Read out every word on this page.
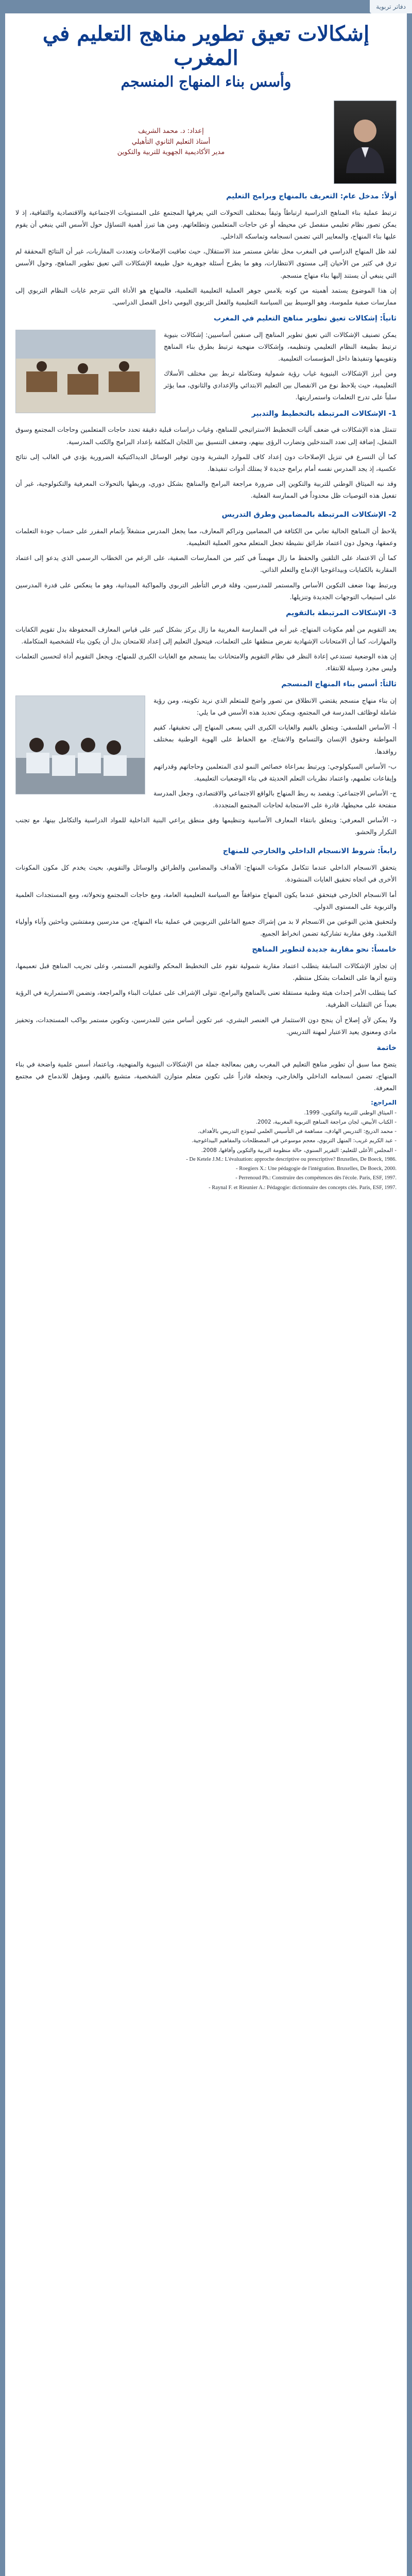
دفاتر تربوية
إشكالات تعيق تطوير مناهج التعليم في المغرب
وأسس بناء المنهاج المنسجم
إعداد: د. محمد الشريف
أستاذ التعليم الثانوي التأهيلي
مدير الأكاديمية الجهوية للتربية والتكوين
أولاً: مدخل عام: التعريف بالمنهاج وبرامج التعليم

ترتبط عملية بناء المناهج الدراسية ارتباطاً وثيقاً بمختلف التحولات التي يعرفها المجتمع على المستويات الاجتماعية والاقتصادية والثقافية، إذ لا يمكن تصور نظام تعليمي منفصل عن محيطه أو عن حاجات المتعلمين وتطلعاتهم. ومن هنا تبرز أهمية التساؤل حول الأسس التي ينبغي أن يقوم عليها بناء المنهاج، والمعايير التي تضمن انسجامه وتماسكه الداخلي.

لقد ظل المنهاج الدراسي في المغرب محل نقاش مستمر منذ الاستقلال، حيث تعاقبت الإصلاحات وتعددت المقاربات، غير أن النتائج المحققة لم ترق في كثير من الأحيان إلى مستوى الانتظارات، وهو ما يطرح أسئلة جوهرية حول طبيعة الإشكالات التي تعيق تطوير المناهج، وحول الأسس التي ينبغي أن يستند إليها بناء منهاج منسجم.

إن هذا الموضوع يستمد أهميته من كونه يلامس جوهر العملية التعليمية التعلمية، فالمنهاج هو الأداة التي تترجم غايات النظام التربوي إلى ممارسات صفية ملموسة، وهو الوسيط بين السياسة التعليمية والفعل التربوي اليومي داخل الفصل الدراسي.

ثانياً: إشكالات تعيق تطوير مناهج التعليم في المغرب

يمكن تصنيف الإشكالات التي تعيق تطوير المناهج إلى صنفين أساسيين: إشكالات بنيوية ترتبط بطبيعة النظام التعليمي وتنظيمه، وإشكالات منهجية ترتبط بطرق بناء المناهج وتقويمها وتنفيذها داخل المؤسسات التعليمية.

ومن أبرز الإشكالات البنيوية غياب رؤية شمولية ومتكاملة تربط بين مختلف الأسلاك التعليمية، حيث يلاحظ نوع من الانفصال بين التعليم الابتدائي والإعدادي والثانوي، مما يؤثر سلباً على تدرج التعلمات واستمراريتها.

1- الإشكالات المرتبطة بالتخطيط والتدبير

تتمثل هذه الإشكالات في ضعف آليات التخطيط الاستراتيجي للمناهج، وغياب دراسات قبلية دقيقة تحدد حاجات المتعلمين وحاجات المجتمع وسوق الشغل، إضافة إلى تعدد المتدخلين وتضارب الرؤى بينهم، وضعف التنسيق بين اللجان المكلفة بإعداد البرامج والكتب المدرسية.

كما أن التسرع في تنزيل الإصلاحات دون إعداد كاف للموارد البشرية ودون توفير الوسائل الديداكتيكية الضرورية يؤدي في الغالب إلى نتائج عكسية، إذ يجد المدرس نفسه أمام برامج جديدة لا يمتلك أدوات تنفيذها.

وقد نبه الميثاق الوطني للتربية والتكوين إلى ضرورة مراجعة البرامج والمناهج بشكل دوري، وربطها بالتحولات المعرفية والتكنولوجية، غير أن تفعيل هذه التوصيات ظل محدوداً في الممارسة الفعلية.

2- الإشكالات المرتبطة بالمضامين وطرق التدريس

يلاحظ أن المناهج الحالية تعاني من الكثافة في المضامين وتراكم المعارف، مما يجعل المدرس منشغلاً بإتمام المقرر على حساب جودة التعلمات وعمقها، ويحول دون اعتماد طرائق نشيطة تجعل المتعلم محور العملية التعليمية.

كما أن الاعتماد على التلقين والحفظ ما زال مهيمناً في كثير من الممارسات الصفية، على الرغم من الخطاب الرسمي الذي يدعو إلى اعتماد المقاربة بالكفايات وبيداغوجيا الإدماج والتعلم الذاتي.

ويرتبط بهذا ضعف التكوين الأساس والمستمر للمدرسين، وقلة فرص التأطير التربوي والمواكبة الميدانية، وهو ما ينعكس على قدرة المدرسين على استيعاب التوجهات الجديدة وتنزيلها.

3- الإشكالات المرتبطة بالتقويم

يعد التقويم من أهم مكونات المنهاج، غير أنه في الممارسة المغربية ما زال يركز بشكل كبير على قياس المعارف المحفوظة بدل تقويم الكفايات والمهارات، كما أن الامتحانات الإشهادية تفرض منطقها على التعلمات، فيتحول التعليم إلى إعداد للامتحان بدل أن يكون بناء للشخصية المتكاملة.

إن هذه الوضعية تستدعي إعادة النظر في نظام التقويم والامتحانات بما ينسجم مع الغايات الكبرى للمنهاج، ويجعل التقويم أداة لتحسين التعلمات وليس مجرد وسيلة للانتقاء.

ثالثاً: أسس بناء المنهاج المنسجم

إن بناء منهاج منسجم يقتضي الانطلاق من تصور واضح للمتعلم الذي نريد تكوينه، ومن رؤية شاملة لوظائف المدرسة في المجتمع، ويمكن تحديد هذه الأسس في ما يلي:

أ- الأساس الفلسفي: ويتعلق بالقيم والغايات الكبرى التي يسعى المنهاج إلى تحقيقها، كقيم المواطنة وحقوق الإنسان والتسامح والانفتاح، مع الحفاظ على الهوية الوطنية بمختلف روافدها.

ب- الأساس السيكولوجي: ويرتبط بمراعاة خصائص النمو لدى المتعلمين وحاجاتهم وقدراتهم وإيقاعات تعلمهم، واعتماد نظريات التعلم الحديثة في بناء الوضعيات التعليمية.

ج- الأساس الاجتماعي: ويقصد به ربط المنهاج بالواقع الاجتماعي والاقتصادي، وجعل المدرسة منفتحة على محيطها، قادرة على الاستجابة لحاجات المجتمع المتجددة.

د- الأساس المعرفي: ويتعلق بانتقاء المعارف الأساسية وتنظيمها وفق منطق يراعي البنية الداخلية للمواد الدراسية والتكامل بينها، مع تجنب التكرار والحشو.

رابعاً: شروط الانسجام الداخلي والخارجي للمنهاج

يتحقق الانسجام الداخلي عندما تتكامل مكونات المنهاج: الأهداف والمضامين والطرائق والوسائل والتقويم، بحيث يخدم كل مكون المكونات الأخرى في اتجاه تحقيق الغايات المنشودة.

أما الانسجام الخارجي فيتحقق عندما يكون المنهاج متوافقاً مع السياسة التعليمية العامة، ومع حاجات المجتمع وتحولاته، ومع المستجدات العلمية والتربوية على المستوى الدولي.

ولتحقيق هذين النوعين من الانسجام لا بد من إشراك جميع الفاعلين التربويين في عملية بناء المنهاج، من مدرسين ومفتشين وباحثين وآباء وأولياء التلاميذ، وفق مقاربة تشاركية تضمن انخراط الجميع.

خامساً: نحو مقاربة جديدة لتطوير المناهج

إن تجاوز الإشكالات السابقة يتطلب اعتماد مقاربة شمولية تقوم على التخطيط المحكم والتقويم المستمر، وعلى تجريب المناهج قبل تعميمها، وتتبع أثرها على التعلمات بشكل منتظم.

كما يتطلب الأمر إحداث هيئة وطنية مستقلة تعنى بالمناهج والبرامج، تتولى الإشراف على عمليات البناء والمراجعة، وتضمن الاستمرارية في الرؤية بعيداً عن التقلبات الظرفية.

ولا يمكن لأي إصلاح أن ينجح دون الاستثمار في العنصر البشري، عبر تكوين أساس متين للمدرسين، وتكوين مستمر يواكب المستجدات، وتحفيز مادي ومعنوي يعيد الاعتبار لمهنة التدريس.

خاتمة

يتضح مما سبق أن تطوير مناهج التعليم في المغرب رهين بمعالجة جملة من الإشكالات البنيوية والمنهجية، وباعتماد أسس علمية واضحة في بناء المنهاج، تضمن انسجامه الداخلي والخارجي، وتجعله قادراً على تكوين متعلم متوازن الشخصية، متشبع بالقيم، ومؤهل للاندماج في مجتمع المعرفة.

المراجع:
- الميثاق الوطني للتربية والتكوين، 1999.
- الكتاب الأبيض، لجان مراجعة المناهج التربوية المغربية، 2002.
- محمد الدريج: التدريس الهادف، مساهمة في التأسيس العلمي لنموذج التدريس بالأهداف.
- عبد الكريم غريب: المنهل التربوي، معجم موسوعي في المصطلحات والمفاهيم البيداغوجية.
- المجلس الأعلى للتعليم: التقرير السنوي، حالة منظومة التربية والتكوين وآفاقها، 2008.
- De Ketele J.M.: L'évaluation: approche descriptive ou prescriptive? Bruxelles, De Boeck, 1986.
- Roegiers X.: Une pédagogie de l'intégration. Bruxelles, De Boeck, 2000.
- Perrenoud Ph.: Construire des compétences dès l'école. Paris, ESF, 1997.
- Raynal F. et Rieunier A.: Pédagogie: dictionnaire des concepts clés. Paris, ESF, 1997.
